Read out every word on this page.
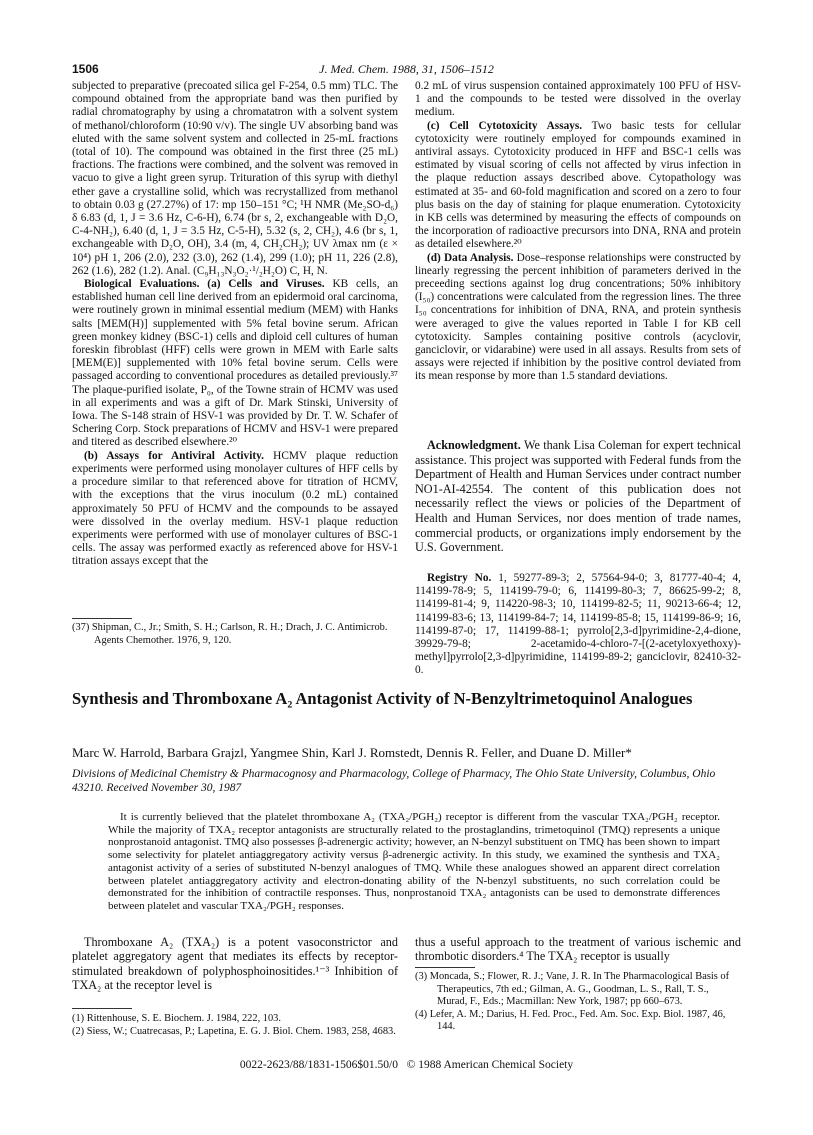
1506	J. Med. Chem. 1988, 31, 1506–1512

subjected to preparative (precoated silica gel F-254, 0.5 mm) TLC. The compound obtained from the appropriate band was then purified by radial chromatography by using a chromatatron with a solvent system of methanol/chloroform (10:90 v/v). The single UV absorbing band was eluted with the same solvent system and collected in 25-mL fractions (total of 10). The compound was obtained in the first three (25 mL) fractions. The fractions were combined, and the solvent was removed in vacuo to give a light green syrup. Trituration of this syrup with diethyl ether gave a crystalline solid, which was recrystallized from methanol to obtain 0.03 g (27.27%) of 17: mp 150–151 °C; ¹H NMR (Me₂SO-d₆) δ 6.83 (d, 1, J = 3.6 Hz, C-6-H), 6.74 (br s, 2, exchangeable with D₂O, C-4-NH₂), 6.40 (d, 1, J = 3.5 Hz, C-5-H), 5.32 (s, 2, CH₂), 4.6 (br s, 1, exchangeable with D₂O, OH), 3.4 (m, 4, CH₂CH₂); UV λmax nm (ε × 10⁴) pH 1, 206 (2.0), 232 (3.0), 262 (1.4), 299 (1.0); pH 11, 226 (2.8), 262 (1.6), 282 (1.2). Anal. (C₉H₁₃N₃O₂·¹/₂H₂O) C, H, N.

Biological Evaluations. (a) Cells and Viruses. KB cells, an established human cell line derived from an epidermoid oral carcinoma, were routinely grown in minimal essential medium (MEM) with Hanks salts [MEM(H)] supplemented with 5% fetal bovine serum. African green monkey kidney (BSC-1) cells and diploid cell cultures of human foreskin fibroblast (HFF) cells were grown in MEM with Earle salts [MEM(E)] supplemented with 10% fetal bovine serum. Cells were passaged according to conventional procedures as detailed previously.³⁷ The plaque-purified isolate, P₀, of the Towne strain of HCMV was used in all experiments and was a gift of Dr. Mark Stinski, University of Iowa. The S-148 strain of HSV-1 was provided by Dr. T. W. Schafer of Schering Corp. Stock preparations of HCMV and HSV-1 were prepared and titered as described elsewhere.²⁰

(b) Assays for Antiviral Activity. HCMV plaque reduction experiments were performed using monolayer cultures of HFF cells by a procedure similar to that referenced above for titration of HCMV, with the exceptions that the virus inoculum (0.2 mL) contained approximately 50 PFU of HCMV and the compounds to be assayed were dissolved in the overlay medium. HSV-1 plaque reduction experiments were performed with use of monolayer cultures of BSC-1 cells. The assay was performed exactly as referenced above for HSV-1 titration assays except that the

0.2 mL of virus suspension contained approximately 100 PFU of HSV-1 and the compounds to be tested were dissolved in the overlay medium.

(c) Cell Cytotoxicity Assays. Two basic tests for cellular cytotoxicity were routinely employed for compounds examined in antiviral assays. Cytotoxicity produced in HFF and BSC-1 cells was estimated by visual scoring of cells not affected by virus infection in the plaque reduction assays described above. Cytopathology was estimated at 35- and 60-fold magnification and scored on a zero to four plus basis on the day of staining for plaque enumeration. Cytotoxicity in KB cells was determined by measuring the effects of compounds on the incorporation of radioactive precursors into DNA, RNA and protein as detailed elsewhere.²⁰

(d) Data Analysis. Dose–response relationships were constructed by linearly regressing the percent inhibition of parameters derived in the preceeding sections against log drug concentrations; 50% inhibitory (I₅₀) concentrations were calculated from the regression lines. The three I₅₀ concentrations for inhibition of DNA, RNA, and protein synthesis were averaged to give the values reported in Table I for KB cell cytotoxicity. Samples containing positive controls (acyclovir, ganciclovir, or vidarabine) were used in all assays. Results from sets of assays were rejected if inhibition by the positive control deviated from its mean response by more than 1.5 standard deviations.

Acknowledgment. We thank Lisa Coleman for expert technical assistance. This project was supported with Federal funds from the Department of Health and Human Services under contract number NO1-AI-42554. The content of this publication does not necessarily reflect the views or policies of the Department of Health and Human Services, nor does mention of trade names, commercial products, or organizations imply endorsement by the U.S. Government.

Registry No. 1, 59277-89-3; 2, 57564-94-0; 3, 81777-40-4; 4, 114199-78-9; 5, 114199-79-0; 6, 114199-80-3; 7, 86625-99-2; 8, 114199-81-4; 9, 114220-98-3; 10, 114199-82-5; 11, 90213-66-4; 12, 114199-83-6; 13, 114199-84-7; 14, 114199-85-8; 15, 114199-86-9; 16, 114199-87-0; 17, 114199-88-1; pyrrolo[2,3-d]pyrimidine-2,4-dione, 39929-79-8; 2-acetamido-4-chloro-7-[(2-acetyloxyethoxy)-methyl]pyrrolo[2,3-d]pyrimidine, 114199-89-2; ganciclovir, 82410-32-0.

(37) Shipman, C., Jr.; Smith, S. H.; Carlson, R. H.; Drach, J. C. Antimicrob. Agents Chemother. 1976, 9, 120.
Synthesis and Thromboxane A₂ Antagonist Activity of N-Benzyltrimetoquinol Analogues
Marc W. Harrold, Barbara Grajzl, Yangmee Shin, Karl J. Romstedt, Dennis R. Feller, and Duane D. Miller*
Divisions of Medicinal Chemistry & Pharmacognosy and Pharmacology, College of Pharmacy, The Ohio State University, Columbus, Ohio 43210. Received November 30, 1987

It is currently believed that the platelet thromboxane A₂ (TXA₂/PGH₂) receptor is different from the vascular TXA₂/PGH₂ receptor. While the majority of TXA₂ receptor antagonists are structurally related to the prostaglandins, trimetoquinol (TMQ) represents a unique nonprostanoid antagonist. TMQ also possesses β-adrenergic activity; however, an N-benzyl substituent on TMQ has been shown to impart some selectivity for platelet antiaggregatory activity versus β-adrenergic activity. In this study, we examined the synthesis and TXA₂ antagonist activity of a series of substituted N-benzyl analogues of TMQ. While these analogues showed an apparent direct correlation between platelet antiaggregatory activity and electron-donating ability of the N-benzyl substituents, no such correlation could be demonstrated for the inhibition of contractile responses. Thus, nonprostanoid TXA₂ antagonists can be used to demonstrate differences between platelet and vascular TXA₂/PGH₂ responses.

Thromboxane A₂ (TXA₂) is a potent vasoconstrictor and platelet aggregatory agent that mediates its effects by receptor-stimulated breakdown of polyphosphoinositides.¹⁻³ Inhibition of TXA₂ at the receptor level is

thus a useful approach to the treatment of various ischemic and thrombotic disorders.⁴ The TXA₂ receptor is usually

(1) Rittenhouse, S. E. Biochem. J. 1984, 222, 103.
(2) Siess, W.; Cuatrecasas, P.; Lapetina, E. G. J. Biol. Chem. 1983, 258, 4683.
(3) Moncada, S.; Flower, R. J.; Vane, J. R. In The Pharmacological Basis of Therapeutics, 7th ed.; Gilman, A. G., Goodman, L. S., Rall, T. S., Murad, F., Eds.; Macmillan: New York, 1987; pp 660–673.
(4) Lefer, A. M.; Darius, H. Fed. Proc., Fed. Am. Soc. Exp. Biol. 1987, 46, 144.
0022-2623/88/1831-1506$01.50/0   © 1988 American Chemical Society
